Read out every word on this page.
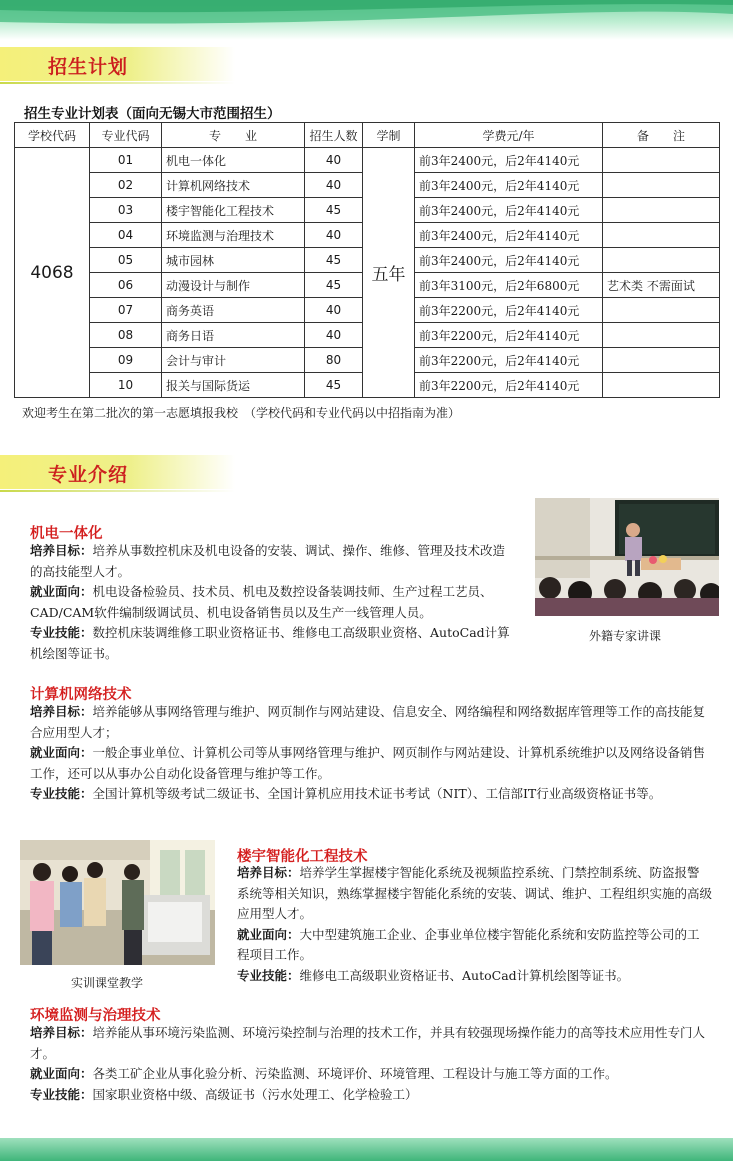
招生计划
招生专业计划表（面向无锡大市范围招生）
学校代码	专业代码	专　　业	招生人数	学制	学费元/年	备　　注
4068	01	机电一体化	40	五年	前3年2400元，后2年4140元	
	02	计算机网络技术	40		前3年2400元，后2年4140元	
	03	楼宇智能化工程技术	45		前3年2400元，后2年4140元	
	04	环境监测与治理技术	40		前3年2400元，后2年4140元	
	05	城市园林	45		前3年2400元，后2年4140元	
	06	动漫设计与制作	45		前3年3100元，后2年6800元	艺术类 不需面试
	07	商务英语	40		前3年2200元，后2年4140元	
	08	商务日语	40		前3年2200元，后2年4140元	
	09	会计与审计	80		前3年2200元，后2年4140元	
	10	报关与国际货运	45		前3年2200元，后2年4140元	
欢迎考生在第二批次的第一志愿填报我校　（学校代码和专业代码以中招指南为准）
专业介绍
机电一体化

培养目标：培养从事数控机床及机电设备的安装、调试、操作、维修、管理及技术改造的高技能型人才。

就业面向：机电设备检验员、技术员、机电及数控设备装调技师、生产过程工艺员、CAD/CAM软件编制级调试员、机电设备销售员以及生产一线管理人员。

专业技能：数控机床装调维修工职业资格证书、维修电工高级职业资格、AutoCad计算机绘图等证书。

外籍专家讲课
计算机网络技术

培养目标：培养能够从事网络管理与维护、网页制作与网站建设、信息安全、网络编程和网络数据库管理等工作的高技能复合应用型人才；

就业面向：一般企事业单位、计算机公司等从事网络管理与维护、网页制作与网站建设、计算机系统维护以及网络设备销售工作，还可以从事办公自动化设备管理与维护等工作。

专业技能：全国计算机等级考试二级证书、全国计算机应用技术证书考试（NIT）、工信部IT行业高级资格证书等。

实训课堂教学
楼宇智能化工程技术

培养目标：培养学生掌握楼宇智能化系统及视频监控系统、门禁控制系统、防盗报警系统等相关知识，熟练掌握楼宇智能化系统的安装、调试、维护、工程组织实施的高级应用型人才。

就业面向：大中型建筑施工企业、企事业单位楼宇智能化系统和安防监控等公司的工程项目工作。

专业技能：维修电工高级职业资格证书、AutoCad计算机绘图等证书。

环境监测与治理技术

培养目标：培养能从事环境污染监测、环境污染控制与治理的技术工作，并具有较强现场操作能力的高等技术应用性专门人才。

就业面向：各类工矿企业从事化验分析、污染监测、环境评价、环境管理、工程设计与施工等方面的工作。

专业技能：国家职业资格中级、高级证书（污水处理工、化学检验工）
